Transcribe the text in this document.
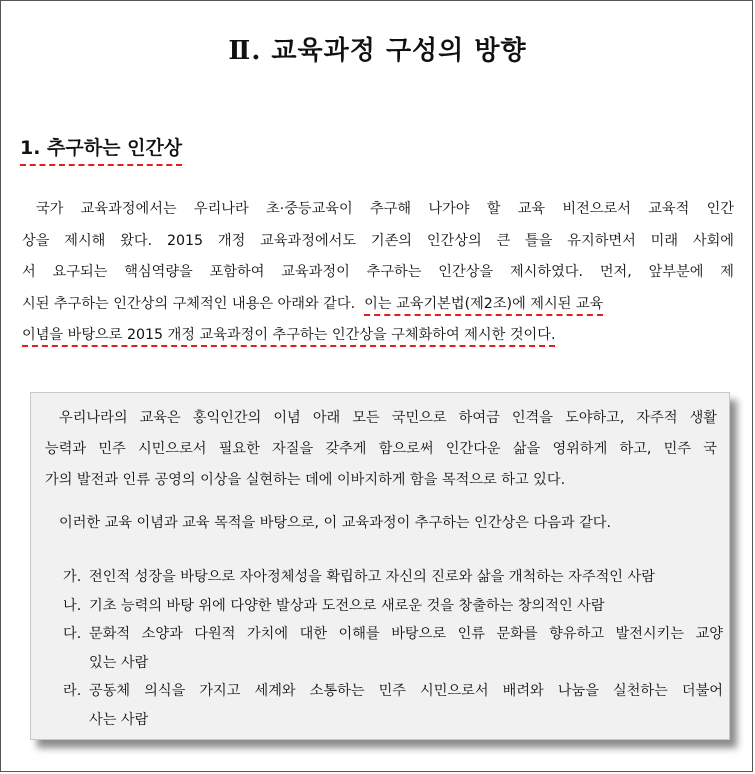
Ⅱ. 교육과정 구성의 방향
1. 추구하는 인간상
국가 교육과정에서는 우리나라 초·중등교육이 추구해 나가야 할 교육 비전으로서 교육적 인간
상을 제시해 왔다. 2015 개정 교육과정에서도 기존의 인간상의 큰 틀을 유지하면서 미래 사회에
서 요구되는 핵심역량을 포함하여 교육과정이 추구하는 인간상을 제시하였다. 먼저, 앞부분에 제
시된 추구하는 인간상의 구체적인 내용은 아래와 같다. 이는 교육기본법(제2조)에 제시된 교육
이념을 바탕으로 2015 개정 교육과정이 추구하는 인간상을 구체화하여 제시한 것이다.
우리나라의 교육은 홍익인간의 이념 아래 모든 국민으로 하여금 인격을 도야하고, 자주적 생활
능력과 민주 시민으로서 필요한 자질을 갖추게 함으로써 인간다운 삶을 영위하게 하고, 민주 국
가의 발전과 인류 공영의 이상을 실현하는 데에 이바지하게 함을 목적으로 하고 있다.
이러한 교육 이념과 교육 목적을 바탕으로, 이 교육과정이 추구하는 인간상은 다음과 같다.
가. 전인적 성장을 바탕으로 자아정체성을 확립하고 자신의 진로와 삶을 개척하는 자주적인 사람
나. 기초 능력의 바탕 위에 다양한 발상과 도전으로 새로운 것을 창출하는 창의적인 사람
다. 문화적 소양과 다원적 가치에 대한 이해를 바탕으로 인류 문화를 향유하고 발전시키는 교양
있는 사람
라. 공동체 의식을 가지고 세계와 소통하는 민주 시민으로서 배려와 나눔을 실천하는 더불어
사는 사람
